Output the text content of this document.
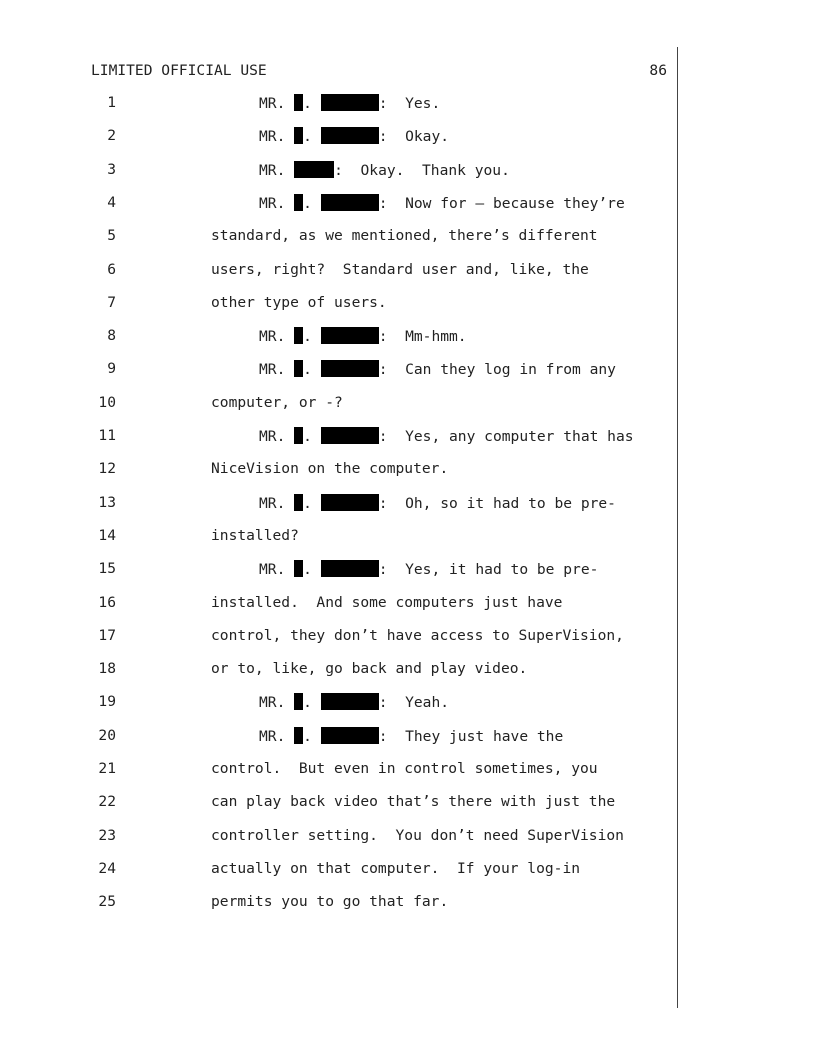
LIMITED OFFICIAL USE	86
1	MR. .	:  Yes.
2	MR. .	:  Okay.
3	MR.	:  Okay.  Thank you.
4	MR. .	:  Now for – because they’re
5	standard, as we mentioned, there’s different
6	users, right?  Standard user and, like, the
7	other type of users.
8	MR. .	:  Mm-hmm.
9	MR. .	:  Can they log in from any
10	computer, or -?
11	MR. .	:  Yes, any computer that has
12	NiceVision on the computer.
13	MR. .	:  Oh, so it had to be pre-
14	installed?
15	MR. .	:  Yes, it had to be pre-
16	installed.  And some computers just have
17	control, they don’t have access to SuperVision,
18	or to, like, go back and play video.
19	MR. .	:  Yeah.
20	MR. .	:  They just have the
21	control.  But even in control sometimes, you
22	can play back video that’s there with just the
23	controller setting.  You don’t need SuperVision
24	actually on that computer.  If your log-in
25	permits you to go that far.
